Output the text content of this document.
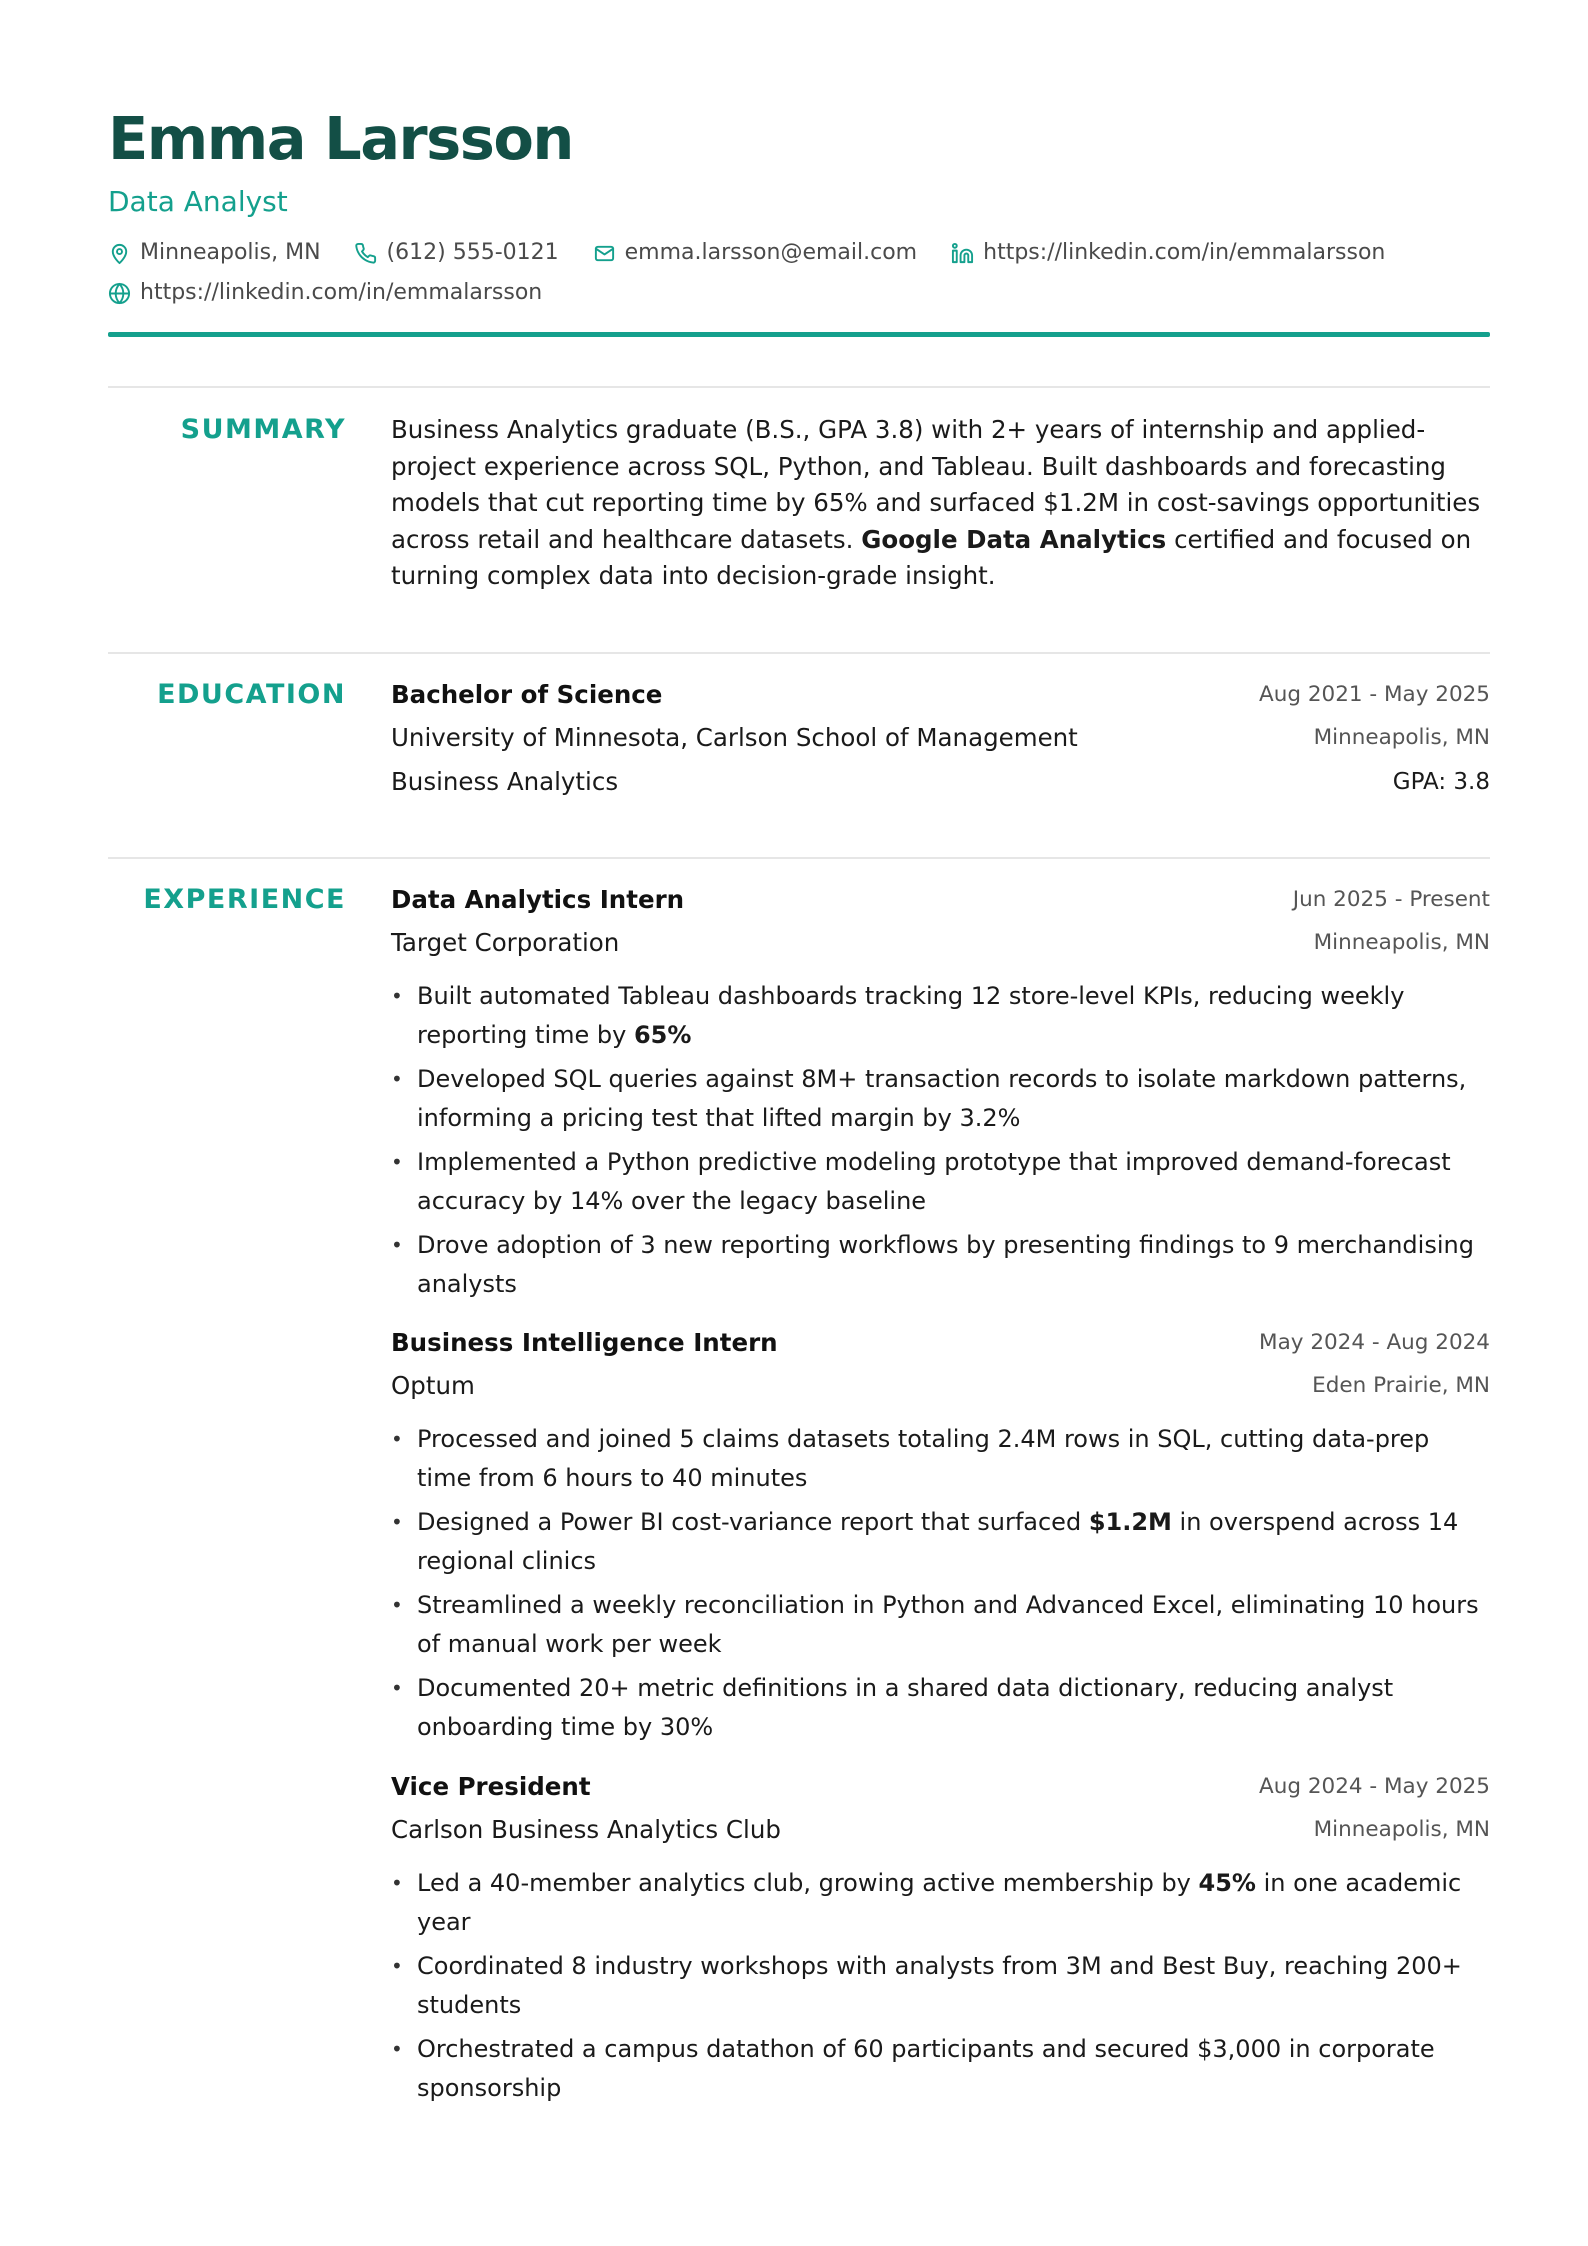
Emma Larsson
Data Analyst
Minneapolis, MN	(612) 555-0121	emma.larsson@email.com	https://linkedin.com/in/emmalarsson
https://linkedin.com/in/emmalarsson
SUMMARY Business Analytics graduate (B.S., GPA 3.8) with 2+ years of internship and applied-project experience across SQL, Python, and Tableau. Built dashboards and forecasting models that cut reporting time by 65% and surfaced $1.2M in cost-savings opportunities across retail and healthcare datasets. Google Data Analytics certified and focused on turning complex data into decision-grade insight.

EDUCATION Bachelor of Science	Aug 2021 - May 2025
University of Minnesota, Carlson School of Management	Minneapolis, MN
Business Analytics	GPA: 3.8
EXPERIENCE Data Analytics Intern	Jun 2025 - Present
Target Corporation	Minneapolis, MN
• Built automated Tableau dashboards tracking 12 store-level KPIs, reducing weekly reporting time by 65%
• Developed SQL queries against 8M+ transaction records to isolate markdown patterns, informing a pricing test that lifted margin by 3.2%
• Implemented a Python predictive modeling prototype that improved demand-forecast accuracy by 14% over the legacy baseline
• Drove adoption of 3 new reporting workflows by presenting findings to 9 merchandising analysts
Business Intelligence Intern	May 2024 - Aug 2024
Optum	Eden Prairie, MN
• Processed and joined 5 claims datasets totaling 2.4M rows in SQL, cutting data-prep time from 6 hours to 40 minutes
• Designed a Power BI cost-variance report that surfaced $1.2M in overspend across 14 regional clinics
• Streamlined a weekly reconciliation in Python and Advanced Excel, eliminating 10 hours of manual work per week
• Documented 20+ metric definitions in a shared data dictionary, reducing analyst onboarding time by 30%
Vice President	Aug 2024 - May 2025
Carlson Business Analytics Club	Minneapolis, MN
• Led a 40-member analytics club, growing active membership by 45% in one academic year
• Coordinated 8 industry workshops with analysts from 3M and Best Buy, reaching 200+ students
• Orchestrated a campus datathon of 60 participants and secured $3,000 in corporate sponsorship
